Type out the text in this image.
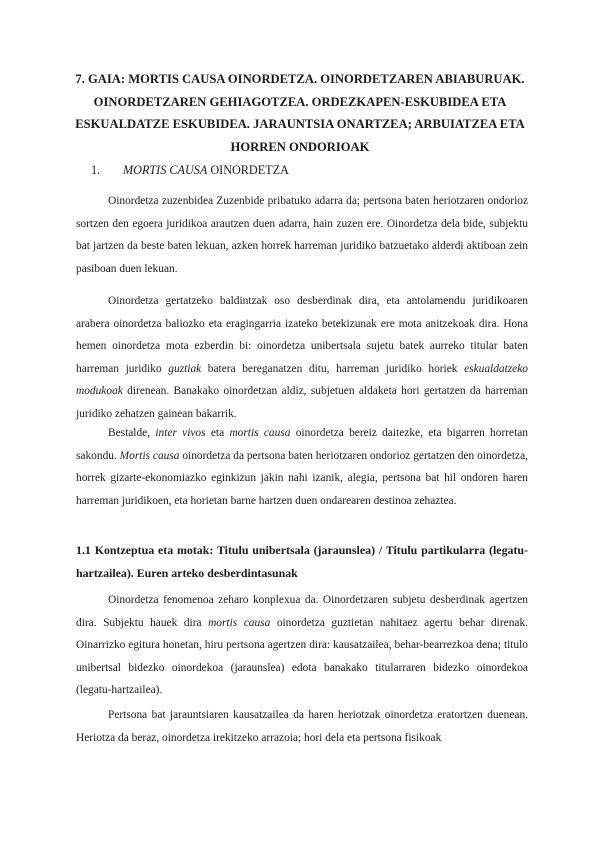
7. GAIA: MORTIS CAUSA OINORDETZA. OINORDETZAREN ABIABURUAK. OINORDETZAREN GEHIAGOTZEA. ORDEZKAPEN-ESKUBIDEA ETA ESKUALDATZE ESKUBIDEA. JARAUNTSIA ONARTZEA; ARBUIATZEA ETA HORREN ONDORIOAK
1. MORTIS CAUSA OINORDETZA
Oinordetza zuzenbidea Zuzenbide pribatuko adarra da; pertsona baten heriotzaren ondorioz sortzen den egoera juridikoa arautzen duen adarra, hain zuzen ere. Oinordetza dela bide, subjektu bat jartzen da beste baten lekuan, azken horrek harreman juridiko batzuetako alderdi aktiboan zein pasiboan duen lekuan.
Oinordetza gertatzeko baldintzak oso desberdinak dira, eta antolamendu juridikoaren arabera oinordetza baliozko eta eragingarria izateko betekizunak ere mota anitzekoak dira. Hona hemen oinordetza mota ezberdin bi: oinordetza unibertsala sujetu batek aurreko titular baten harreman juridiko guztiak batera bereganatzen ditu, harreman juridiko horiek eskualdatzeko modukoak direnean. Banakako oinordetzan aldiz, subjetuen aldaketa hori gertatzen da harreman juridiko zehatzen gainean bakarrik.
Bestalde, inter vivos eta mortis causa oinordetza bereiz daitezke, eta bigarren horretan sakondu. Mortis causa oinordetza da pertsona baten heriotzaren ondorioz gertatzen den oinordetza, horrek gizarte-ekonomiazko eginkizun jakin nahi izanik, alegia, pertsona bat hil ondoren haren harreman juridikoen, eta horietan barne hartzen duen ondarearen destinoa zehaztea.
1.1 Kontzeptua eta motak: Titulu unibertsala (jaraunslea) / Titulu partikularra (legatu-hartzailea). Euren arteko desberdintasunak
Oinordetza fenomenoa zeharo konplexua da. Oinordetzaren subjetu desberdinak agertzen dira. Subjektu hauek dira mortis causa oinordetza guztietan nahitaez agertu behar direnak. Oinarrizko egitura honetan, hiru pertsona agertzen dira: kausatzailea, behar-bearrezkoa dena; titulo unibertsal bidezko oinordekoa (jaraunslea) edota banakako titularraren bidezko oinordekoa (legatu-hartzailea).
Pertsona bat jarauntsiaren kausatzailea da haren heriotzak oinordetza eratortzen duenean. Heriotza da beraz, oinordetza irekitzeko arrazoia; hori dela eta pertsona fisikoak
